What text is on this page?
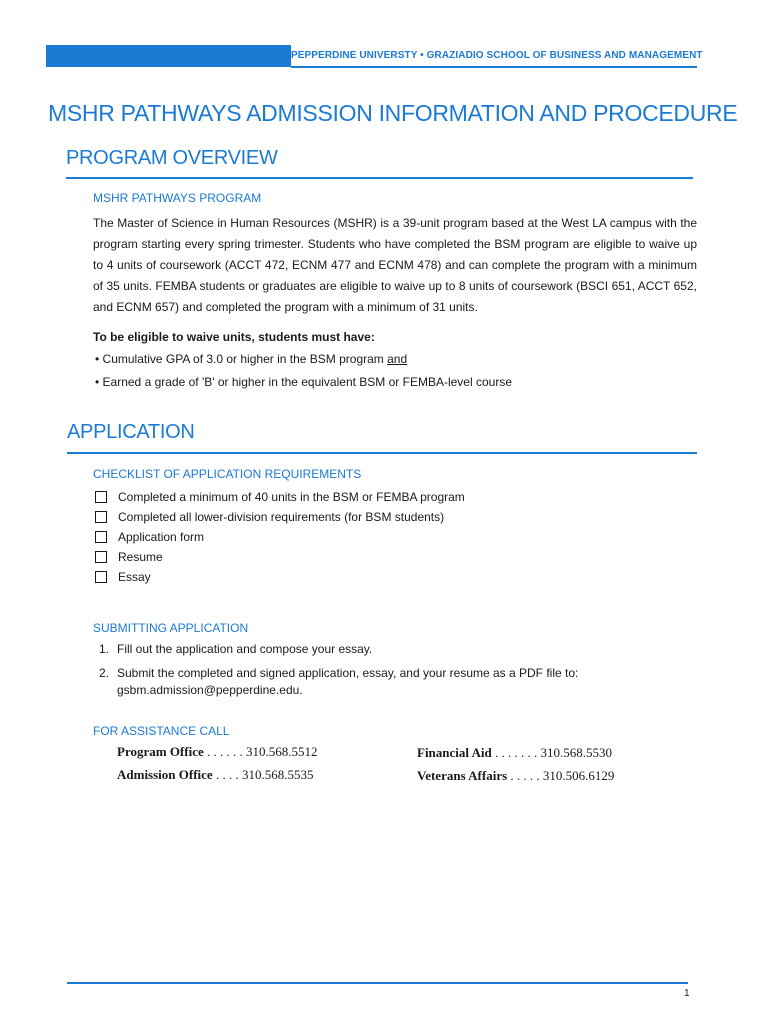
PEPPERDINE UNIVERSTY • GRAZIADIO SCHOOL OF BUSINESS AND MANAGEMENT
MSHR PATHWAYS ADMISSION INFORMATION AND PROCEDURE
PROGRAM OVERVIEW
MSHR PATHWAYS PROGRAM
The Master of Science in Human Resources (MSHR) is a 39-unit program based at the West LA campus with the program starting every spring trimester. Students who have completed the BSM program are eligible to waive up to 4 units of coursework (ACCT 472, ECNM 477 and ECNM 478) and can complete the program with a minimum of 35 units. FEMBA students or graduates are eligible to waive up to 8 units of coursework (BSCI 651, ACCT 652, and ECNM 657) and completed the program with a minimum of 31 units.
To be eligible to waive units, students must have:
• Cumulative GPA of 3.0 or higher in the BSM program and
• Earned a grade of 'B' or higher in the equivalent BSM or FEMBA-level course
APPLICATION
CHECKLIST OF APPLICATION REQUIREMENTS
Completed a minimum of 40 units in the BSM or FEMBA program
Completed all lower-division requirements (for BSM students)
Application form
Resume
Essay
SUBMITTING APPLICATION
1. Fill out the application and compose your essay.
2. Submit the completed and signed application, essay, and your resume as a PDF file to:
gsbm.admission@pepperdine.edu.
FOR ASSISTANCE CALL
Program Office . . . . . . 310.568.5512
Admission Office . . . . 310.568.5535
Financial Aid . . . . . . . 310.568.5530
Veterans Affairs . . . . . 310.506.6129
1
